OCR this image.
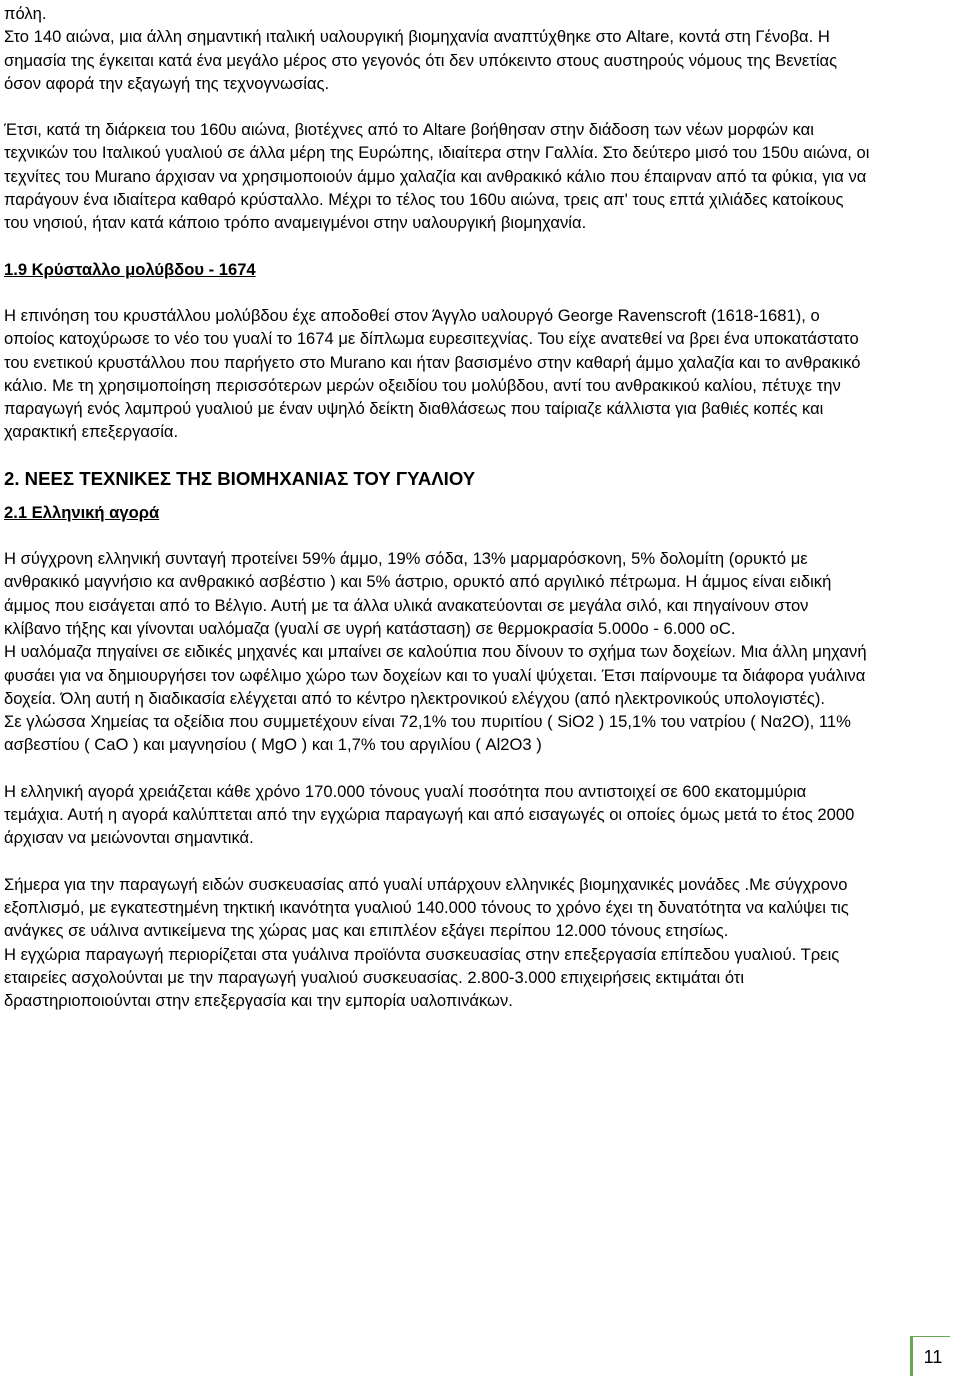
πόλη.

Στο 140 αιώνα, μια άλλη σημαντική ιταλική υαλουργική βιομηχανία αναπτύχθηκε στο Altare, κοντά στη Γένοβα. Η σημασία της έγκειται κατά ένα μεγάλο μέρος στο γεγονός ότι δεν υπόκειντο στους αυστηρούς νόμους της Βενετίας όσον αφορά την εξαγωγή της τεχνογνωσίας.

Έτσι, κατά τη διάρκεια του 160υ αιώνα, βιοτέχνες από το Altare βοήθησαν στην διάδοση των νέων μορφών και τεχνικών του Ιταλικού γυαλιού σε άλλα μέρη της Ευρώπης, ιδιαίτερα στην Γαλλία. Στο δεύτερο μισό του 150υ αιώνα, οι τεχνίτες του Murano άρχισαν να χρησιμοποιούν άμμο χαλαζία και ανθρακικό κάλιο που έπαιρναν από τα φύκια, για να παράγουν ένα ιδιαίτερα καθαρό κρύσταλλο. Μέχρι το τέλος του 160υ αιώνα, τρεις απ' τους επτά χιλιάδες κατοίκους του νησιού, ήταν κατά κάποιο τρόπο αναμειγμένοι στην υαλουργική βιομηχανία.

1.9 Κρύσταλλο μολύβδου - 1674

Η επινόηση του κρυστάλλου μολύβδου έχε αποδοθεί στον Άγγλο υαλουργό George Ravenscroft (1618-1681), ο οποίος κατοχύρωσε το νέο του γυαλί το 1674 με δίπλωμα ευρεσιτεχνίας. Του είχε ανατεθεί να βρει ένα υποκατάστατο του ενετικού κρυστάλλου που παρήγετο στο Murano και ήταν βασισμένο στην καθαρή άμμο χαλαζία και το ανθρακικό κάλιο. Με τη χρησιμοποίηση περισσότερων μερών οξειδίου του μολύβδου, αντί του ανθρακικού καλίου, πέτυχε την παραγωγή ενός λαμπρού γυαλιού με έναν υψηλό δείκτη διαθλάσεως που ταίριαζε κάλλιστα για βαθιές κοπές και χαρακτική επεξεργασία.

2. ΝΕΕΣ ΤΕΧΝΙΚΕΣ ΤΗΣ ΒΙΟΜΗΧΑΝΙΑΣ ΤΟΥ ΓΥΑΛΙΟΥ

2.1 Ελληνική αγορά

Η σύγχρονη ελληνική συνταγή προτείνει 59% άμμο, 19% σόδα, 13% μαρμαρόσκονη, 5% δολομίτη (ορυκτό με ανθρακικό μαγνήσιο κα ανθρακικό ασβέστιο ) και 5% άστριο, ορυκτό από αργιλικό πέτρωμα. Η άμμος είναι ειδική άμμος που εισάγεται από το Βέλγιο. Αυτή με τα άλλα υλικά ανακατεύονται σε μεγάλα σιλό, και πηγαίνουν στον κλίβανο τήξης και γίνονται υαλόμαζα (γυαλί σε υγρή κατάσταση) σε θερμοκρασία 5.000ο - 6.000 oC.

Η υαλόμαζα πηγαίνει σε ειδικές μηχανές και μπαίνει σε καλούπια που δίνουν το σχήμα των δοχείων. Μια άλλη μηχανή φυσάει για να δημιουργήσει τον ωφέλιμο χώρο των δοχείων και το γυαλί ψύχεται. Έτσι παίρνουμε τα διάφορα γυάλινα δοχεία. Όλη αυτή η διαδικασία ελέγχεται από το κέντρο ηλεκτρονικού ελέγχου (από ηλεκτρονικούς υπολογιστές).

Σε γλώσσα Χημείας τα οξείδια που συμμετέχουν είναι 72,1% του πυριτίου ( SiO2 ) 15,1% του νατρίου ( Να2Ο), 11% ασβεστίου ( CaO ) και μαγνησίου ( MgO ) και 1,7% του αργιλίου ( Al2O3 )

Η ελληνική αγορά χρειάζεται κάθε χρόνο 170.000 τόνους γυαλί ποσότητα που αντιστοιχεί σε 600 εκατομμύρια τεμάχια. Αυτή η αγορά καλύπτεται από την εγχώρια παραγωγή και από εισαγωγές οι οποίες όμως μετά το έτος 2000 άρχισαν να μειώνονται σημαντικά.

Σήμερα για την παραγωγή ειδών συσκευασίας από γυαλί υπάρχουν ελληνικές βιομηχανικές μονάδες .Με σύγχρονο εξοπλισμό, με εγκατεστημένη τηκτική ικανότητα γυαλιού 140.000 τόνους το χρόνο έχει τη δυνατότητα να καλύψει τις ανάγκες σε υάλινα αντικείμενα της χώρας μας και επιπλέον εξάγει περίπου 12.000 τόνους ετησίως.

Η εγχώρια παραγωγή περιορίζεται στα γυάλινα προϊόντα συσκευασίας στην επεξεργασία επίπεδου γυαλιού. Τρεις εταιρείες ασχολούνται με την παραγωγή γυαλιού συσκευασίας. 2.800-3.000 επιχειρήσεις εκτιμάται ότι δραστηριοποιούνται στην επεξεργασία και την εμπορία υαλοπινάκων.

11
